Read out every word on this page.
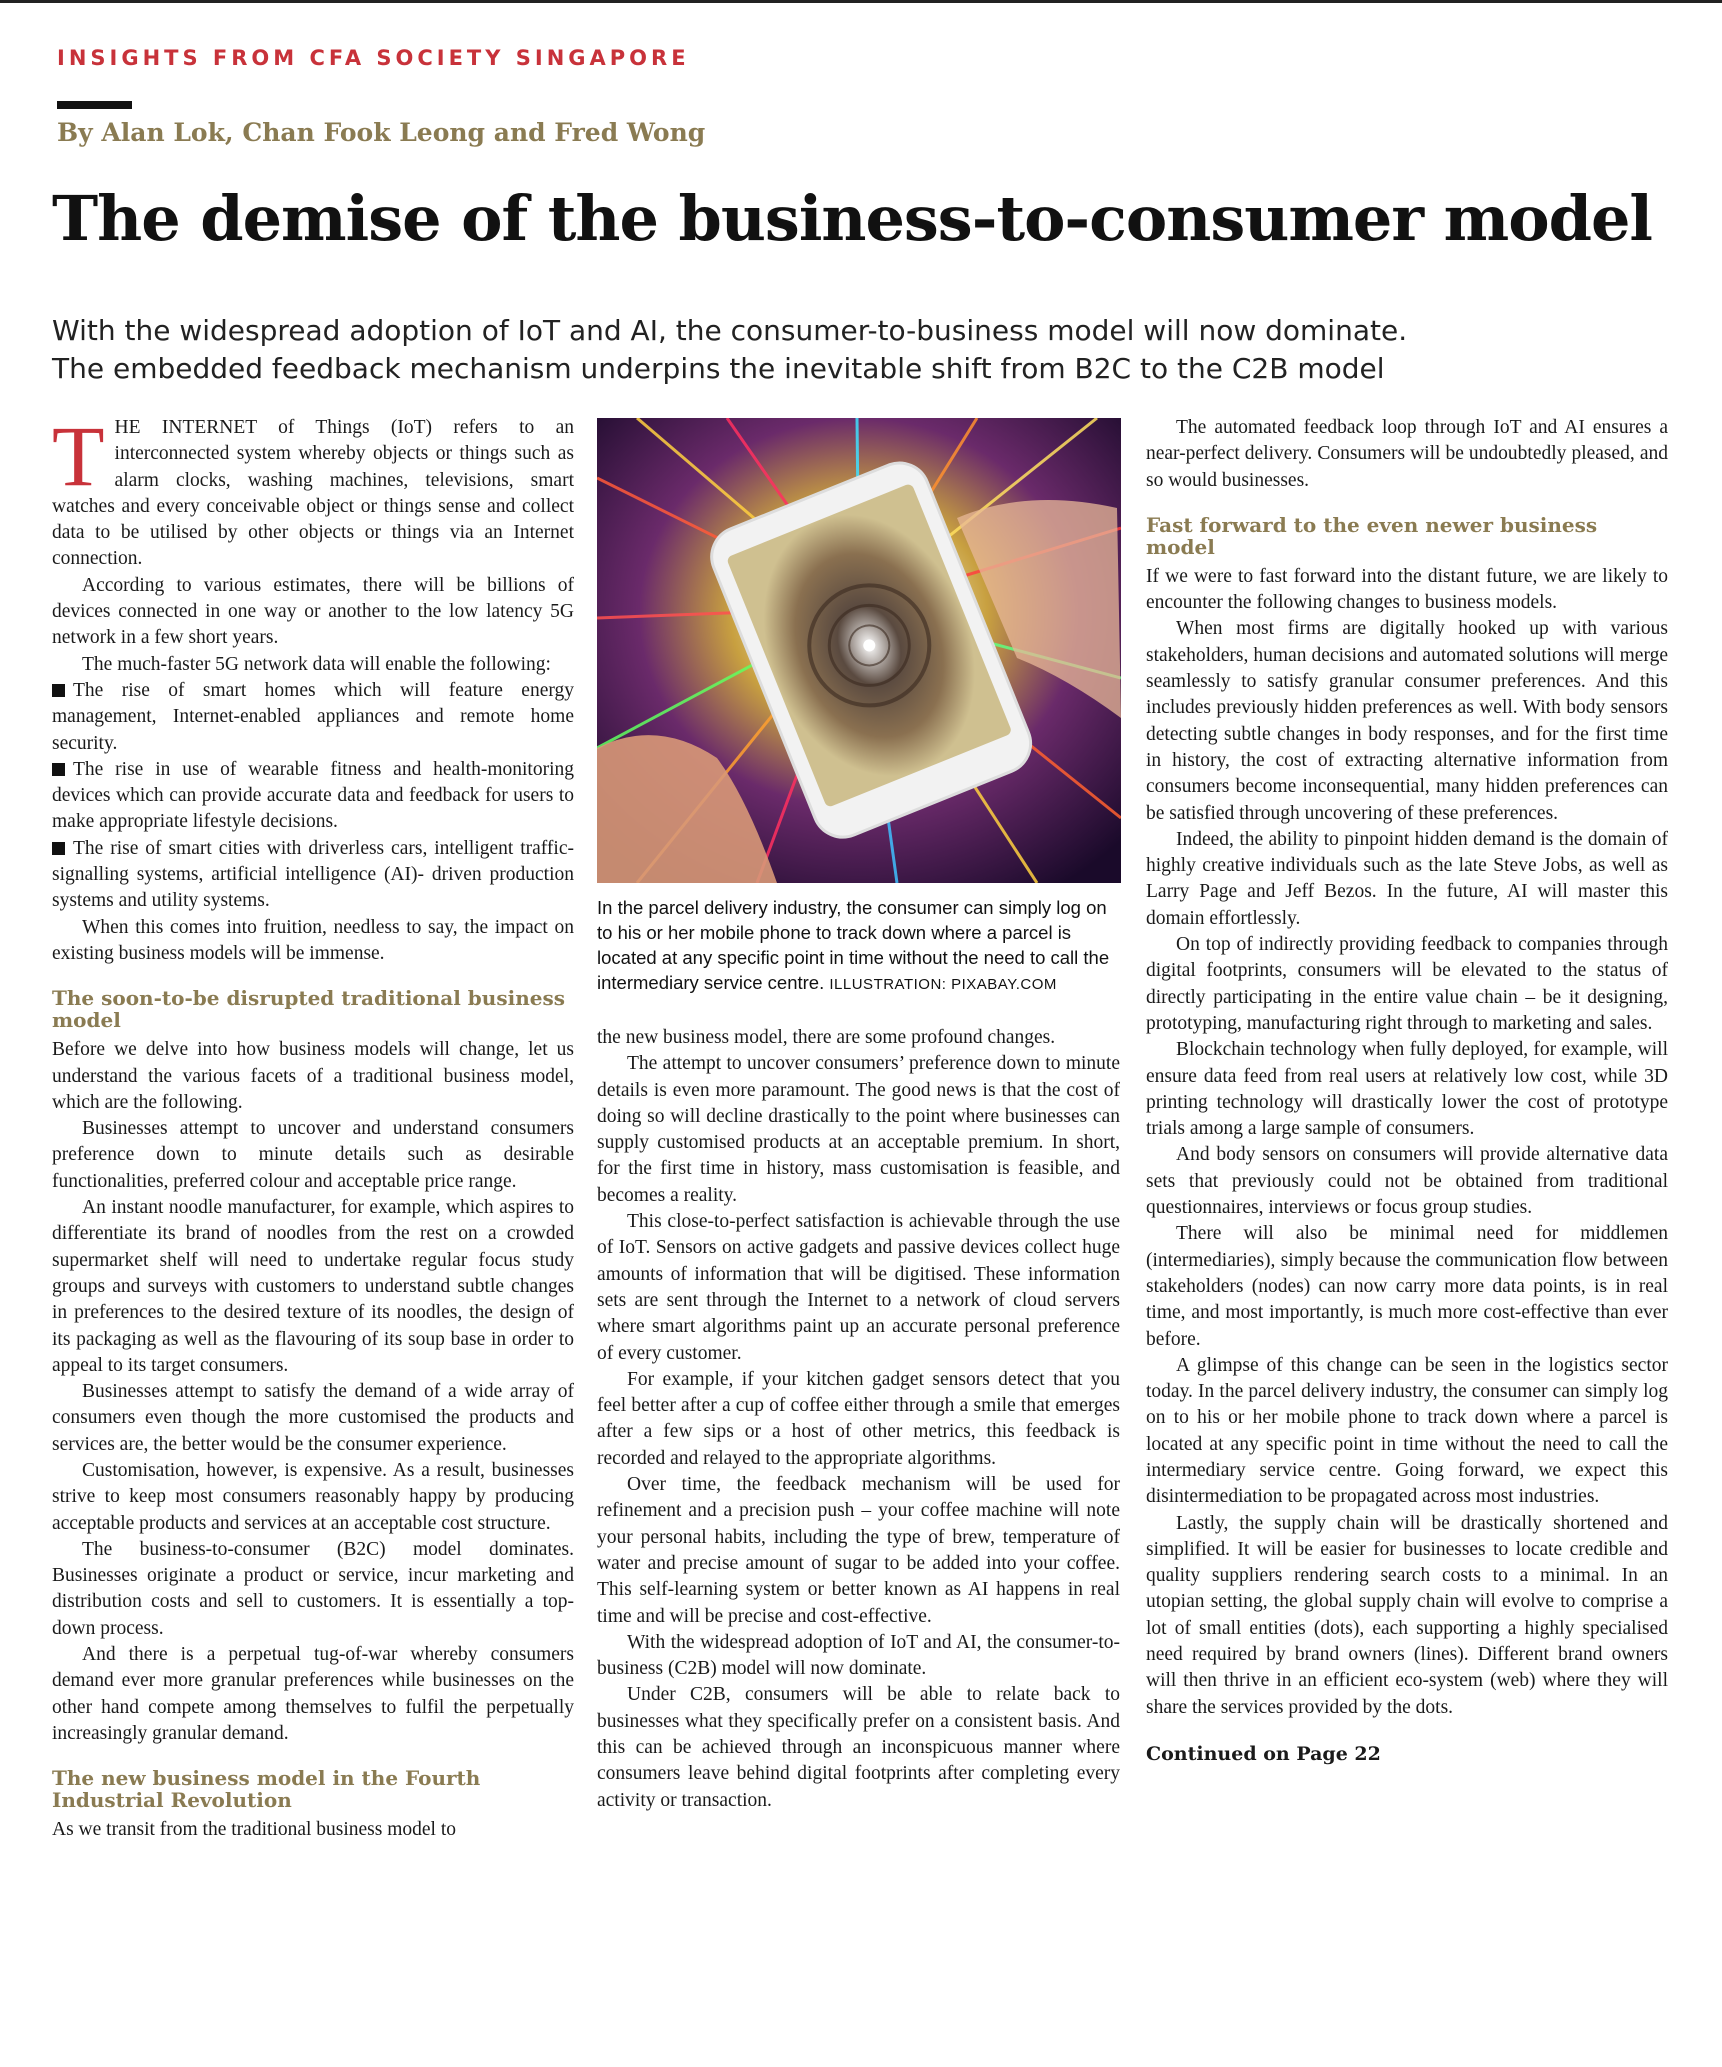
INSIGHTS FROM CFA SOCIETY SINGAPORE
By Alan Lok, Chan Fook Leong and Fred Wong
The demise of the business-to-consumer model

With the widespread adoption of IoT and AI, the consumer-to-business model will now dominate.
The embedded feedback mechanism underpins the inevitable shift from B2C to the C2B model

THE INTERNET of Things (IoT) refers to an interconnected system whereby objects or things such as alarm clocks, washing machines, televisions, smart watches and every conceivable object or things sense and collect data to be utilised by other objects or things via an Internet connection.

According to various estimates, there will be billions of devices connected in one way or another to the low latency 5G network in a few short years.

The much-faster 5G network data will enable the following:

The rise of smart homes which will feature energy management, Internet-enabled appliances and remote home security.

The rise in use of wearable fitness and health-monitoring devices which can provide accurate data and feedback for users to make appropriate lifestyle decisions.

The rise of smart cities with driverless cars, intelligent traffic-signalling systems, artificial intelligence (AI)- driven production systems and utility systems.

When this comes into fruition, needless to say, the impact on existing business models will be immense.

The soon-to-be disrupted traditional business model

Before we delve into how business models will change, let us understand the various facets of a traditional business model, which are the following.

Businesses attempt to uncover and understand consumers preference down to minute details such as desirable functionalities, preferred colour and acceptable price range.

An instant noodle manufacturer, for example, which aspires to differentiate its brand of noodles from the rest on a crowded supermarket shelf will need to undertake regular focus study groups and surveys with customers to understand subtle changes in preferences to the desired texture of its noodles, the design of its packaging as well as the flavouring of its soup base in order to appeal to its target consumers.

Businesses attempt to satisfy the demand of a wide array of consumers even though the more customised the products and services are, the better would be the consumer experience.

Customisation, however, is expensive. As a result, businesses strive to keep most consumers reasonably happy by producing acceptable products and services at an acceptable cost structure.

The business-to-consumer (B2C) model dominates. Businesses originate a product or service, incur marketing and distribution costs and sell to customers. It is essentially a top-down process.

And there is a perpetual tug-of-war whereby consumers demand ever more granular preferences while businesses on the other hand compete among themselves to fulfil the perpetually increasingly granular demand.

The new business model in the Fourth Industrial Revolution

As we transit from the traditional business model to

In the parcel delivery industry, the consumer can simply log on to his or her mobile phone to track down where a parcel is located at any specific point in time without the need to call the intermediary service centre. ILLUSTRATION: PIXABAY.COM

the new business model, there are some profound changes.

The attempt to uncover consumers’ preference down to minute details is even more paramount. The good news is that the cost of doing so will decline drastically to the point where businesses can supply customised products at an acceptable premium. In short, for the first time in history, mass customisation is feasible, and becomes a reality.

This close-to-perfect satisfaction is achievable through the use of IoT. Sensors on active gadgets and passive devices collect huge amounts of information that will be digitised. These information sets are sent through the Internet to a network of cloud servers where smart algorithms paint up an accurate personal preference of every customer.

For example, if your kitchen gadget sensors detect that you feel better after a cup of coffee either through a smile that emerges after a few sips or a host of other metrics, this feedback is recorded and relayed to the appropriate algorithms.

Over time, the feedback mechanism will be used for refinement and a precision push – your coffee machine will note your personal habits, including the type of brew, temperature of water and precise amount of sugar to be added into your coffee. This self-learning system or better known as AI happens in real time and will be precise and cost-effective.

With the widespread adoption of IoT and AI, the consumer-to-business (C2B) model will now dominate.

Under C2B, consumers will be able to relate back to businesses what they specifically prefer on a consistent basis. And this can be achieved through an inconspicuous manner where consumers leave behind digital footprints after completing every activity or transaction.

The automated feedback loop through IoT and AI ensures a near-perfect delivery. Consumers will be undoubtedly pleased, and so would businesses.

Fast forward to the even newer business model

If we were to fast forward into the distant future, we are likely to encounter the following changes to business models.

When most firms are digitally hooked up with various stakeholders, human decisions and automated solutions will merge seamlessly to satisfy granular consumer preferences. And this includes previously hidden preferences as well. With body sensors detecting subtle changes in body responses, and for the first time in history, the cost of extracting alternative information from consumers become inconsequential, many hidden preferences can be satisfied through uncovering of these preferences.

Indeed, the ability to pinpoint hidden demand is the domain of highly creative individuals such as the late Steve Jobs, as well as Larry Page and Jeff Bezos. In the future, AI will master this domain effortlessly.

On top of indirectly providing feedback to companies through digital footprints, consumers will be elevated to the status of directly participating in the entire value chain – be it designing, prototyping, manufacturing right through to marketing and sales.

Blockchain technology when fully deployed, for example, will ensure data feed from real users at relatively low cost, while 3D printing technology will drastically lower the cost of prototype trials among a large sample of consumers.

And body sensors on consumers will provide alternative data sets that previously could not be obtained from traditional questionnaires, interviews or focus group studies.

There will also be minimal need for middlemen (intermediaries), simply because the communication flow between stakeholders (nodes) can now carry more data points, is in real time, and most importantly, is much more cost-effective than ever before.

A glimpse of this change can be seen in the logistics sector today. In the parcel delivery industry, the consumer can simply log on to his or her mobile phone to track down where a parcel is located at any specific point in time without the need to call the intermediary service centre. Going forward, we expect this disintermediation to be propagated across most industries.

Lastly, the supply chain will be drastically shortened and simplified. It will be easier for businesses to locate credible and quality suppliers rendering search costs to a minimal. In an utopian setting, the global supply chain will evolve to comprise a lot of small entities (dots), each supporting a highly specialised need required by brand owners (lines). Different brand owners will then thrive in an efficient eco-system (web) where they will share the services provided by the dots.

Continued on Page 22
